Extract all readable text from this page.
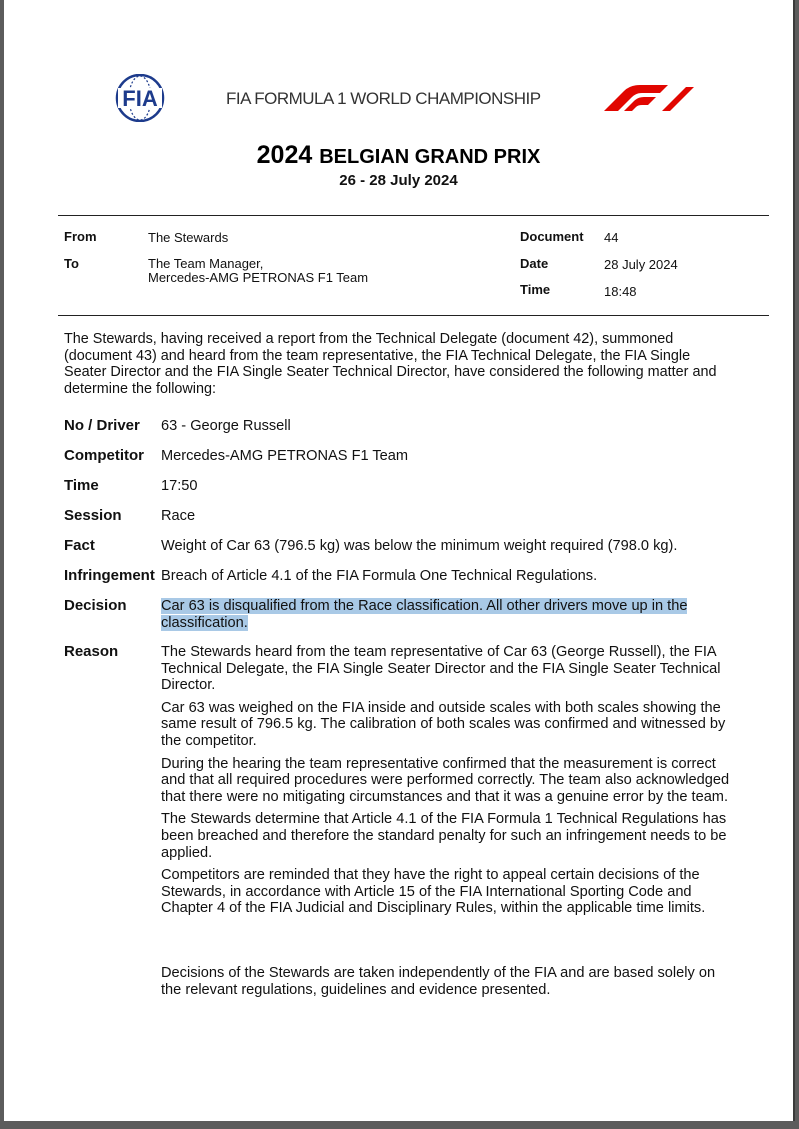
FIA	FIA FORMULA 1 WORLD CHAMPIONSHIP
2024 BELGIAN GRAND PRIX
26 - 28 July 2024
From	The Stewards
To	The Team Manager,
Mercedes-AMG PETRONAS F1 Team
Document 44
Date	28 July 2024
Time	18:48
The Stewards, having received a report from the Technical Delegate (document 42), summoned (document 43) and heard from the team representative, the FIA Technical Delegate, the FIA Single Seater Director and the FIA Single Seater Technical Director, have considered the following matter and determine the following:
No / Driver 63 - George Russell
Competitor Mercedes-AMG PETRONAS F1 Team
Time	17:50
Session	Race
Fact	Weight of Car 63 (796.5 kg) was below the minimum weight required (798.0 kg).
Infringement Breach of Article 4.1 of the FIA Formula One Technical Regulations.
Decision Car 63 is disqualified from the Race classification. All other drivers move up in the classification.
Reason	The Stewards heard from the team representative of Car 63 (George Russell), the FIA Technical Delegate, the FIA Single Seater Director and the FIA Single Seater Technical Director.
Car 63 was weighed on the FIA inside and outside scales with both scales showing the same result of 796.5 kg. The calibration of both scales was confirmed and witnessed by the competitor.
During the hearing the team representative confirmed that the measurement is correct and that all required procedures were performed correctly. The team also acknowledged that there were no mitigating circumstances and that it was a genuine error by the team.
The Stewards determine that Article 4.1 of the FIA Formula 1 Technical Regulations has been breached and therefore the standard penalty for such an infringement needs to be applied.
Competitors are reminded that they have the right to appeal certain decisions of the Stewards, in accordance with Article 15 of the FIA International Sporting Code and Chapter 4 of the FIA Judicial and Disciplinary Rules, within the applicable time limits.
Decisions of the Stewards are taken independently of the FIA and are based solely on the relevant regulations, guidelines and evidence presented.
